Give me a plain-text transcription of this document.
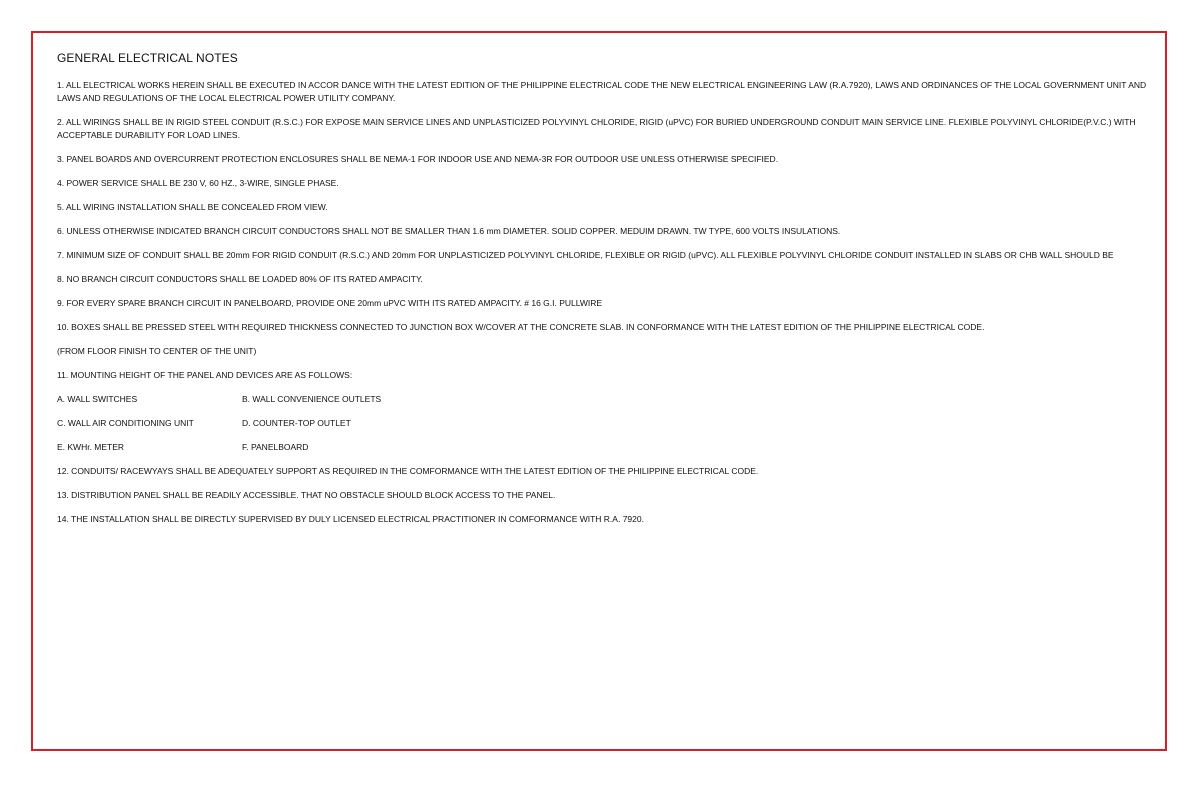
GENERAL ELECTRICAL NOTES
1. ALL ELECTRICAL WORKS HEREIN SHALL BE EXECUTED IN ACCOR DANCE WITH THE LATEST EDITION OF THE PHILIPPINE ELECTRICAL CODE THE NEW ELECTRICAL ENGINEERING LAW (R.A.7920), LAWS AND ORDINANCES OF THE LOCAL GOVERNMENT UNIT AND LAWS AND REGULATIONS OF THE LOCAL ELECTRICAL POWER UTILITY COMPANY.
2. ALL WIRINGS SHALL BE IN RIGID STEEL CONDUIT (R.S.C.) FOR EXPOSE MAIN SERVICE LINES AND UNPLASTICIZED POLYVINYL CHLORIDE, RIGID (uPVC) FOR BURIED UNDERGROUND CONDUIT MAIN SERVICE LINE. FLEXIBLE POLYVINYL CHLORIDE(P.V.C.) WITH ACCEPTABLE DURABILITY FOR LOAD LINES.
3. PANEL BOARDS AND OVERCURRENT PROTECTION ENCLOSURES SHALL BE NEMA-1 FOR INDOOR USE AND NEMA-3R FOR OUTDOOR USE UNLESS OTHERWISE SPECIFIED.
4. POWER SERVICE SHALL BE 230 V, 60 HZ., 3-WIRE, SINGLE PHASE.
5. ALL WIRING INSTALLATION SHALL BE CONCEALED FROM VIEW.
6. UNLESS OTHERWISE INDICATED BRANCH CIRCUIT CONDUCTORS SHALL NOT BE SMALLER THAN 1.6 mm DIAMETER. SOLID COPPER. MEDUIM DRAWN. TW TYPE, 600 VOLTS INSULATIONS.
7. MINIMUM SIZE OF CONDUIT SHALL BE 20mm FOR RIGID CONDUIT (R.S.C.) AND 20mm FOR UNPLASTICIZED POLYVINYL CHLORIDE, FLEXIBLE OR RIGID (uPVC). ALL FLEXIBLE POLYVINYL CHLORIDE CONDUIT INSTALLED IN SLABS OR CHB WALL SHOULD BE
8. NO BRANCH CIRCUIT CONDUCTORS SHALL BE LOADED 80% OF ITS RATED AMPACITY.
9. FOR EVERY SPARE BRANCH CIRCUIT IN PANELBOARD, PROVIDE ONE 20mm uPVC WITH ITS RATED AMPACITY. # 16 G.I. PULLWIRE
10. BOXES SHALL BE PRESSED STEEL WITH REQUIRED THICKNESS CONNECTED TO JUNCTION BOX W/COVER AT THE CONCRETE SLAB. IN CONFORMANCE WITH THE LATEST EDITION OF THE PHILIPPINE ELECTRICAL CODE.
(FROM FLOOR FINISH TO CENTER OF THE UNIT)
11. MOUNTING HEIGHT OF THE PANEL AND DEVICES ARE AS FOLLOWS:
A. WALL SWITCHES	B. WALL CONVENIENCE OUTLETS
C. WALL AIR CONDITIONING UNIT	D. COUNTER-TOP OUTLET
E. KWHr. METER	F. PANELBOARD
12. CONDUITS/ RACEWYAYS SHALL BE ADEQUATELY SUPPORT AS REQUIRED IN THE COMFORMANCE WITH THE LATEST EDITION OF THE PHILIPPINE ELECTRICAL CODE.
13. DISTRIBUTION PANEL SHALL BE READILY ACCESSIBLE. THAT NO OBSTACLE SHOULD BLOCK ACCESS TO THE PANEL.
14. THE INSTALLATION SHALL BE DIRECTLY SUPERVISED BY DULY LICENSED ELECTRICAL PRACTITIONER IN COMFORMANCE WITH R.A. 7920.
